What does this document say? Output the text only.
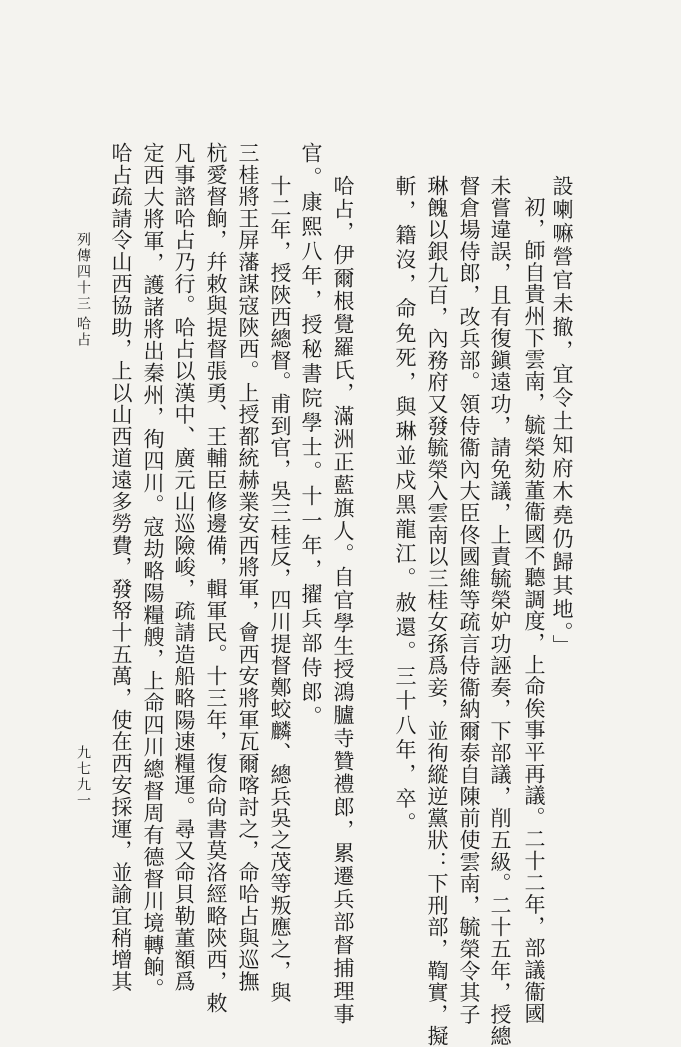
設喇嘛營官未撤，宜令土知府木堯仍歸其地。」
初，師自貴州下雲南，毓榮劾董衞國不聽調度，上命俟事平再議。二十二年，部議衞國
未嘗違誤，且有復鎭遠功，請免議，上責毓榮妒功誣奏，下部議，削五級。二十五年，授總
督倉場侍郎，改兵部。領侍衞內大臣佟國維等疏言侍衞納爾泰自陳前使雲南，毓榮令其子
琳餽以銀九百，內務府又發毓榮入雲南以三桂女孫爲妾，並徇縱逆黨狀：下刑部，鞫實，擬
斬，籍沒，命免死，與琳並戍黑龍江。赦還。三十八年，卒。
哈占，伊爾根覺羅氏，滿洲正藍旗人。自官學生授鴻臚寺贊禮郎，累遷兵部督捕理事
官。康熙八年，授秘書院學士。十一年，擢兵部侍郎。
十二年，授陝西總督。甫到官，吳三桂反，四川提督鄭蛟麟、總兵吳之茂等叛應之，與
三桂將王屏藩謀寇陝西。上授都統赫業安西將軍，會西安將軍瓦爾喀討之，命哈占與巡撫
杭愛督餉，幷敕與提督張勇、王輔臣修邊備，輯軍民。十三年，復命尙書莫洛經略陝西，敕
凡事諮哈占乃行。哈占以漢中、廣元山巡險峻，疏請造船略陽速糧運。尋又命貝勒董額爲
定西大將軍，護諸將出秦州，徇四川。寇劫略陽糧艘，上命四川總督周有德督川境轉餉。
哈占疏請令山西協助，上以山西道遠多勞費，發帑十五萬，使在西安採運，並諭宜稍增其
列傳四十三
哈占
九七九一
